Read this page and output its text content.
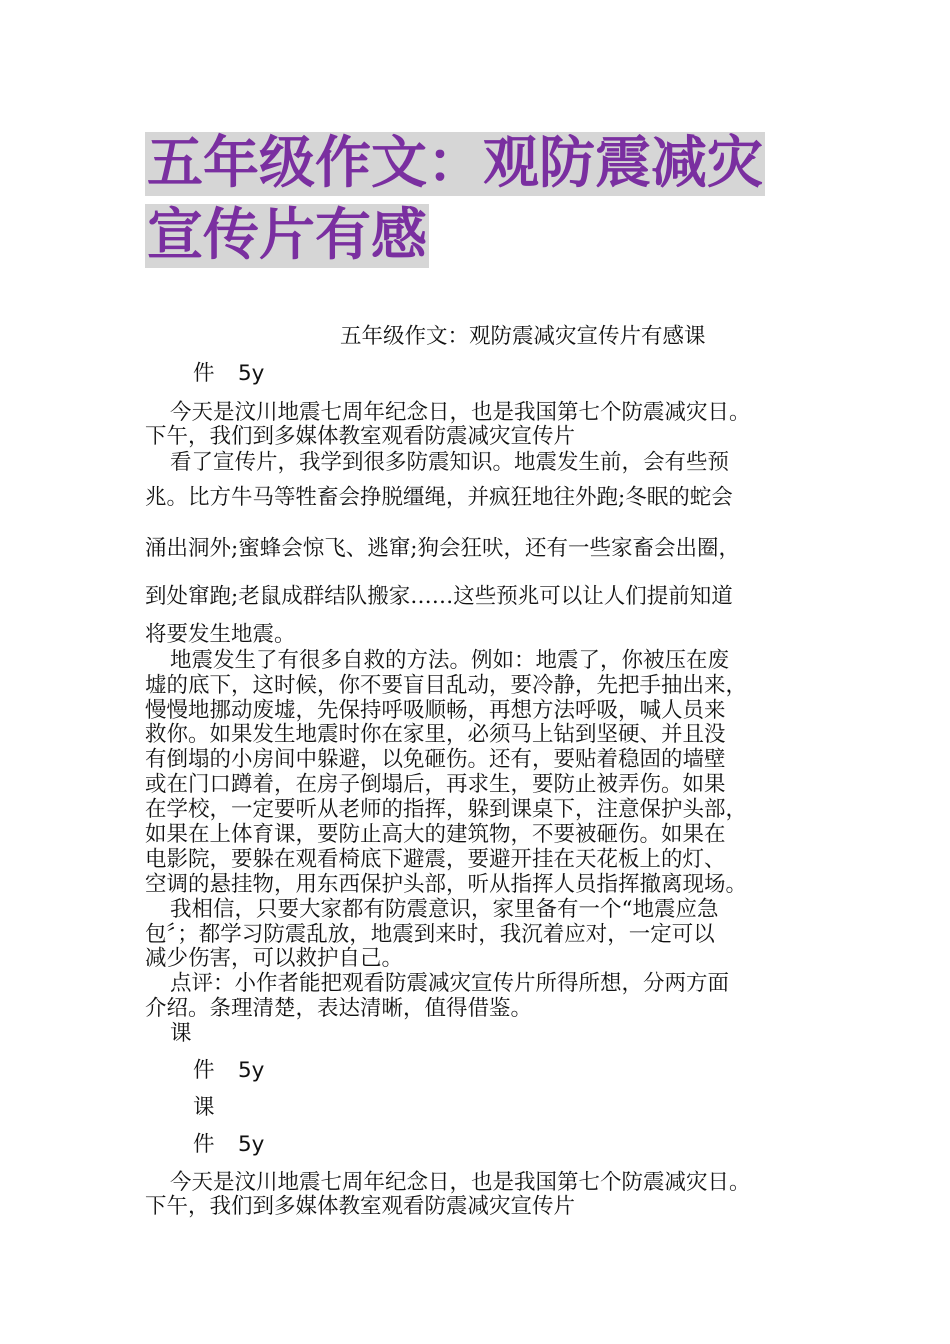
五年级作文：观防震减灾
宣传片有感
五年级作文：观防震减灾宣传片有感课
件 5y
今天是汶川地震七周年纪念日，也是我国第七个防震减灾日。
下午，我们到多媒体教室观看防震减灾宣传片
看了宣传片，我学到很多防震知识。地震发生前，会有些预
兆。比方牛马等牲畜会挣脱缰绳，并疯狂地往外跑;冬眠的蛇会
涌出洞外;蜜蜂会惊飞、逃窜;狗会狂吠，还有一些家畜会出圈，
到处窜跑;老鼠成群结队搬家……这些预兆可以让人们提前知道
将要发生地震。
地震发生了有很多自救的方法。例如：地震了，你被压在废
墟的底下，这时候，你不要盲目乱动，要冷静，先把手抽出来，
慢慢地挪动废墟，先保持呼吸顺畅，再想方法呼吸，喊人员来
救你。如果发生地震时你在家里，必须马上钻到坚硬、并且没
有倒塌的小房间中躲避，以免砸伤。还有，要贴着稳固的墙壁
或在门口蹲着，在房子倒塌后，再求生，要防止被弄伤。如果
在学校，一定要听从老师的指挥，躲到课桌下，注意保护头部，
如果在上体育课，要防止高大的建筑物，不要被砸伤。如果在
电影院，要躲在观看椅底下避震，要避开挂在天花板上的灯、
空调的悬挂物，用东西保护头部，听从指挥人员指挥撤离现场。
我相信，只要大家都有防震意识，家里备有一个“地震应急
包〞；都学习防震乱放，地震到来时，我沉着应对，一定可以
减少伤害，可以救护自己。
点评：小作者能把观看防震减灾宣传片所得所想，分两方面
介绍。条理清楚，表达清晰，值得借鉴。
课
件 5y
课
件 5y
今天是汶川地震七周年纪念日，也是我国第七个防震减灾日。
下午，我们到多媒体教室观看防震减灾宣传片
